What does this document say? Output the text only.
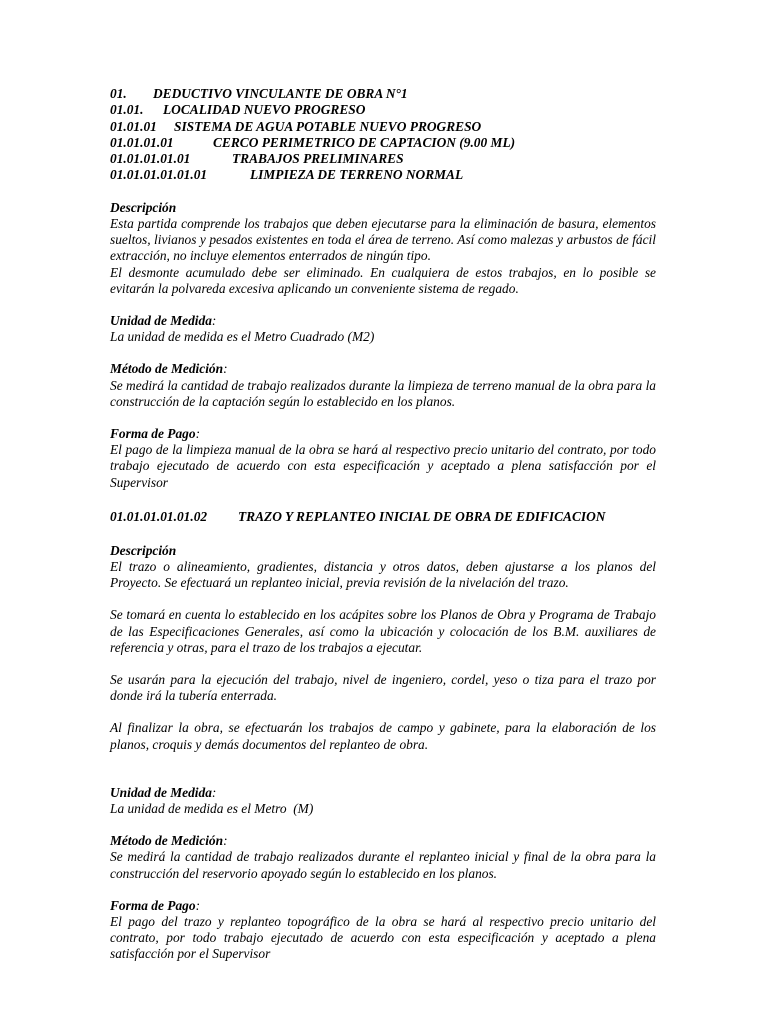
01. DEDUCTIVO VINCULANTE DE OBRA N°1
01.01. LOCALIDAD NUEVO PROGRESO
01.01.01 SISTEMA DE AGUA POTABLE NUEVO PROGRESO
01.01.01.01	CERCO PERIMETRICO DE CAPTACION (9.00 ML)
01.01.01.01.01	TRABAJOS PRELIMINARES
01.01.01.01.01.01	LIMPIEZA DE TERRENO NORMAL
Descripción

Esta partida comprende los trabajos que deben ejecutarse para la eliminación de basura, elementos sueltos, livianos y pesados existentes en toda el área de terreno. Así como malezas y arbustos de fácil extracción, no incluye elementos enterrados de ningún tipo.

El desmonte acumulado debe ser eliminado. En cualquiera de estos trabajos, en lo posible se evitarán la polvareda excesiva aplicando un conveniente sistema de regado.

Unidad de Medida:

La unidad de medida es el Metro Cuadrado (M2)

Método de Medición:

Se medirá la cantidad de trabajo realizados durante la limpieza de terreno manual de la obra para la construcción de la captación según lo establecido en los planos.

Forma de Pago:

El pago de la limpieza manual de la obra se hará al respectivo precio unitario del contrato, por todo trabajo ejecutado de acuerdo con esta especificación y aceptado a plena satisfacción por el Supervisor

01.01.01.01.01.02 TRAZO Y REPLANTEO INICIAL DE OBRA DE EDIFICACION
Descripción

El trazo o alineamiento, gradientes, distancia y otros datos, deben ajustarse a los planos del Proyecto. Se efectuará un replanteo inicial, previa revisión de la nivelación del trazo.

Se tomará en cuenta lo establecido en los acápites sobre los Planos de Obra y Programa de Trabajo de las Especificaciones Generales, así como la ubicación y colocación de los B.M. auxiliares de referencia y otras, para el trazo de los trabajos a ejecutar.

Se usarán para la ejecución del trabajo, nivel de ingeniero, cordel, yeso o tiza para el trazo por donde irá la tubería enterrada.

Al finalizar la obra, se efectuarán los trabajos de campo y gabinete, para la elaboración de los planos, croquis y demás documentos del replanteo de obra.

Unidad de Medida:

La unidad de medida es el Metro  (M)

Método de Medición:

Se medirá la cantidad de trabajo realizados durante el replanteo inicial y final de la obra para la construcción del reservorio apoyado según lo establecido en los planos.

Forma de Pago:

El pago del trazo y replanteo topográfico de la obra se hará al respectivo precio unitario del contrato, por todo trabajo ejecutado de acuerdo con esta especificación y aceptado a plena satisfacción por el Supervisor
